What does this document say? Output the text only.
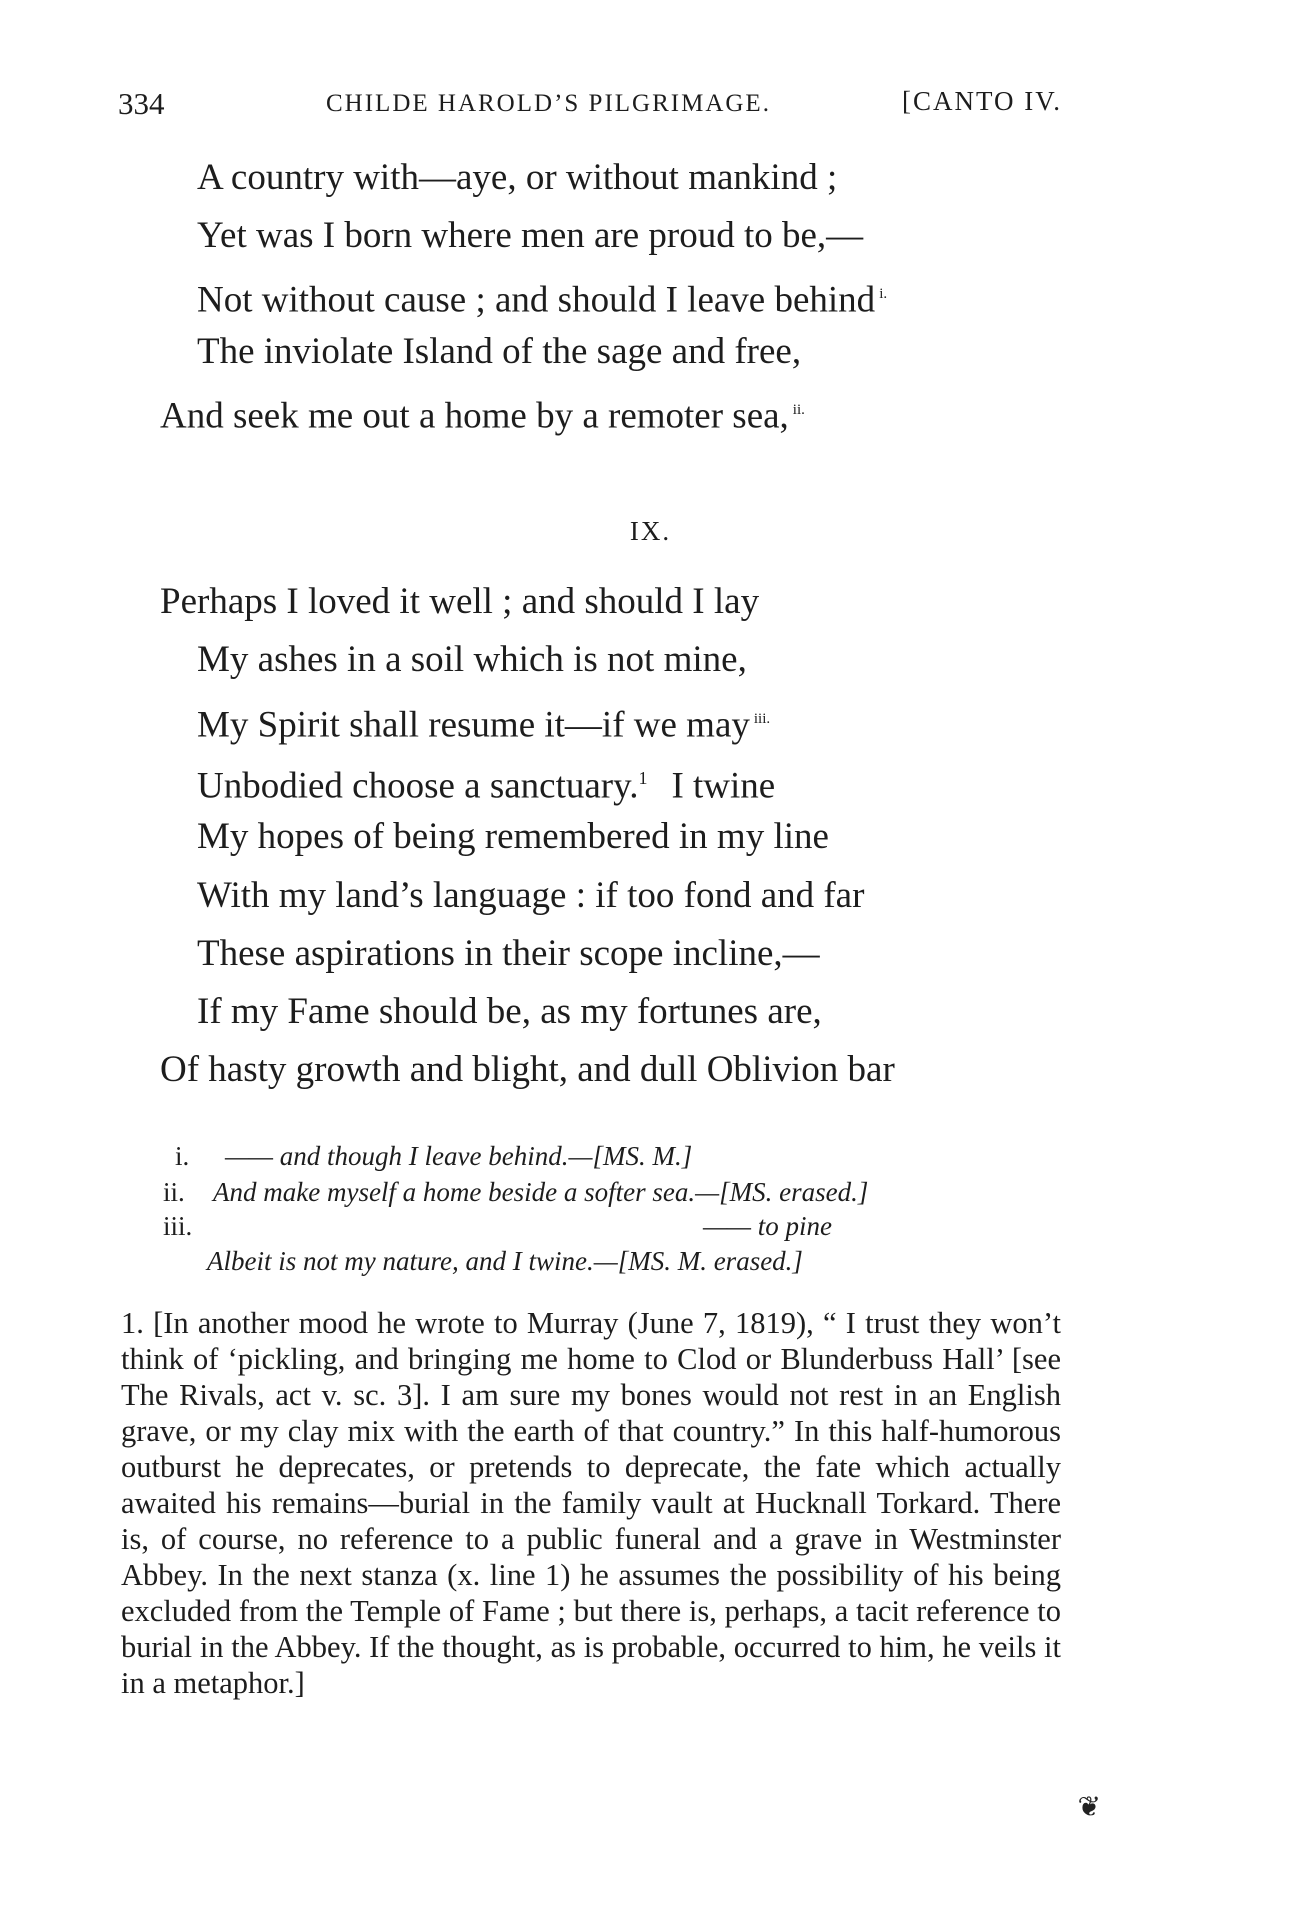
334	CHILDE HAROLD’S PILGRIMAGE.	[CANTO IV.
A country with—aye, or without mankind ;
Yet was I born where men are proud to be,—
Not without cause ; and should I leave behind $^{i.}$
The inviolate Island of the sage and free,
And seek me out a home by a remoter sea, $^{ii.}$
IX.
Perhaps I loved it well ; and should I lay
My ashes in a soil which is not mine,
My Spirit shall resume it—if we may $^{iii.}$
Unbodied choose a sanctuary.$^1$ I twine
My hopes of being remembered in my line
With my land’s language : if too fond and far
These aspirations in their scope incline,—
If my Fame should be, as my fortunes are,
Of hasty growth and blight, and dull Oblivion bar
i. —— and though I leave behind.—[MS. M.]
ii. And make myself a home beside a softer sea.—[MS. erased.]
iii.	—— to pine
Albeit is not my nature, and I twine.—[MS. M. erased.]

1. [In another mood he wrote to Murray (June 7, 1819), “ I trust they won’t think of ‘pickling, and bringing me home to Clod or Blunderbuss Hall’ [see The Rivals, act v. sc. 3]. I am sure my bones would not rest in an English grave, or my clay mix with the earth of that country.” In this half-humorous outburst he deprecates, or pretends to deprecate, the fate which actually awaited his remains—burial in the family vault at Hucknall Torkard. There is, of course, no reference to a public funeral and a grave in Westminster Abbey. In the next stanza (x. line 1) he assumes the possibility of his being excluded from the Temple of Fame ; but there is, perhaps, a tacit reference to burial in the Abbey. If the thought, as is probable, occurred to him, he veils it in a metaphor.]

❦
